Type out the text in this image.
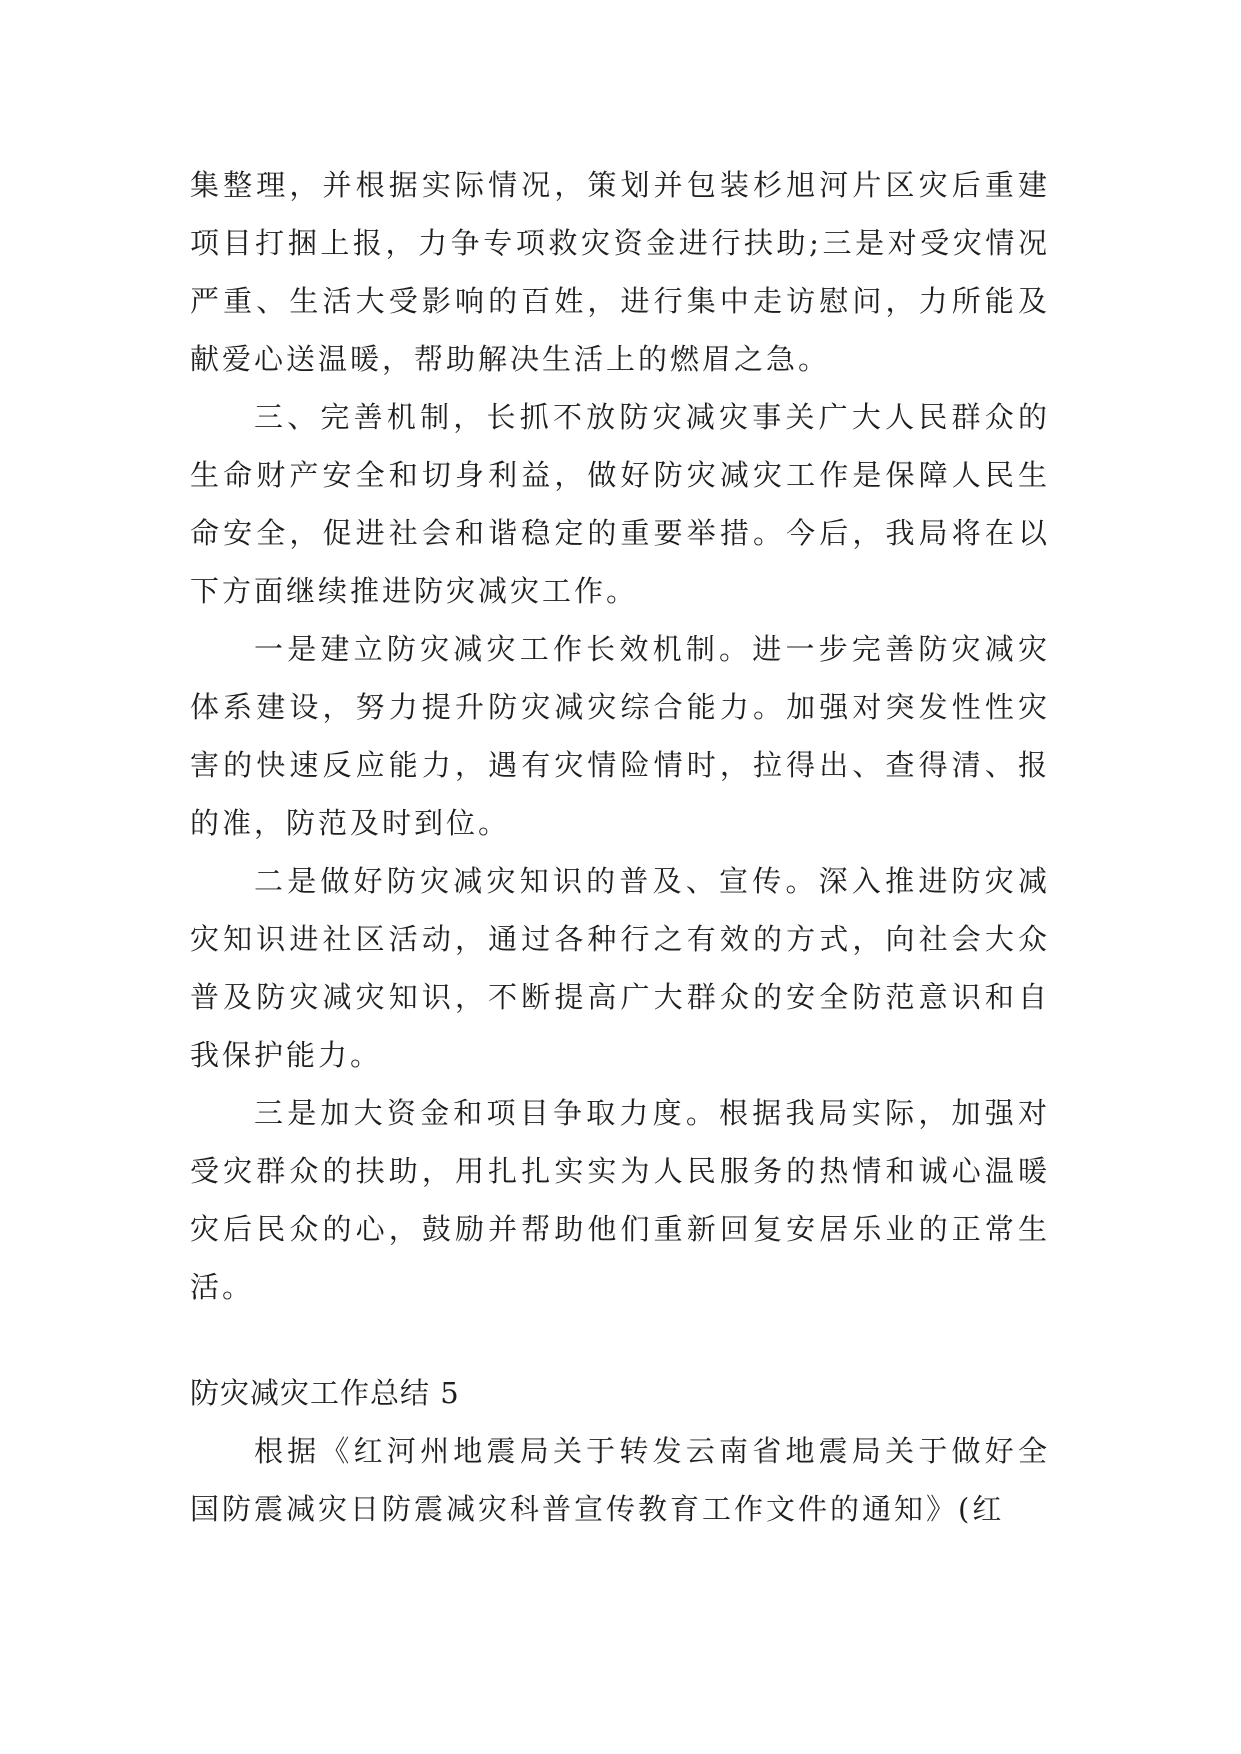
集整理，并根据实际情况，策划并包装杉旭河片区灾后重建项目打捆上报，力争专项救灾资金进行扶助;三是对受灾情况严重、生活大受影响的百姓，进行集中走访慰问，力所能及献爱心送温暖，帮助解决生活上的燃眉之急。

三、完善机制，长抓不放防灾减灾事关广大人民群众的生命财产安全和切身利益，做好防灾减灾工作是保障人民生命安全，促进社会和谐稳定的重要举措。今后，我局将在以下方面继续推进防灾减灾工作。

一是建立防灾减灾工作长效机制。进一步完善防灾减灾体系建设，努力提升防灾减灾综合能力。加强对突发性性灾害的快速反应能力，遇有灾情险情时，拉得出、查得清、报的准，防范及时到位。

二是做好防灾减灾知识的普及、宣传。深入推进防灾减灾知识进社区活动，通过各种行之有效的方式，向社会大众普及防灾减灾知识，不断提高广大群众的安全防范意识和自我保护能力。

三是加大资金和项目争取力度。根据我局实际，加强对受灾群众的扶助，用扎扎实实为人民服务的热情和诚心温暖灾后民众的心，鼓励并帮助他们重新回复安居乐业的正常生活。

防灾减灾工作总结 5

根据《红河州地震局关于转发云南省地震局关于做好全国防震减灾日防震减灾科普宣传教育工作文件的通知》(红
